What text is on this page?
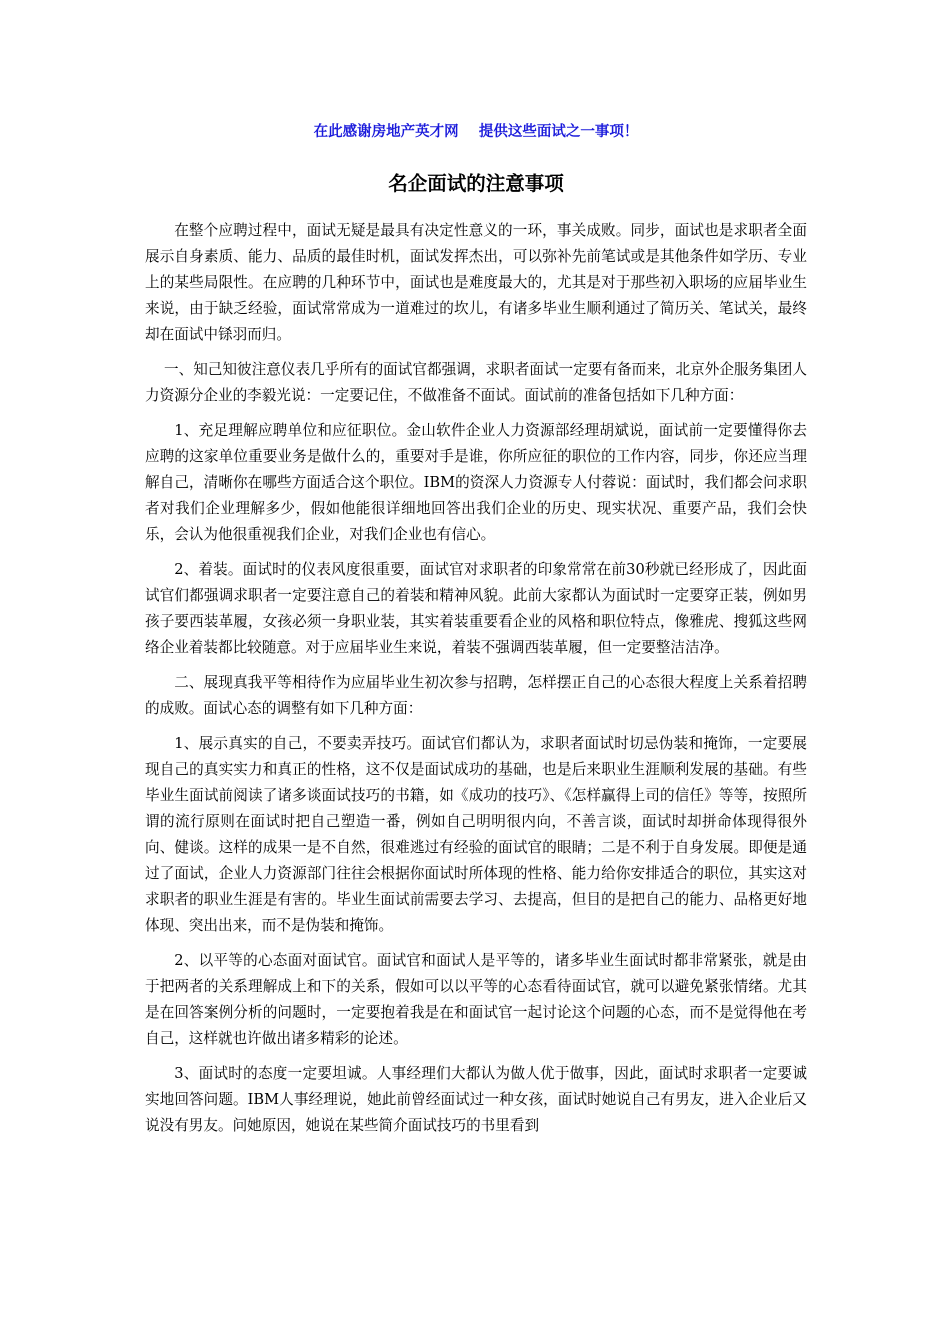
在此感谢房地产英才网    提供这些面试之一事项！

名企面试的注意事项

在整个应聘过程中，面试无疑是最具有决定性意义的一环，事关成败。同步，面试也是求职者全面展示自身素质、能力、品质的最佳时机，面试发挥杰出，可以弥补先前笔试或是其他条件如学历、专业上的某些局限性。在应聘的几种环节中，面试也是难度最大的，尤其是对于那些初入职场的应届毕业生来说，由于缺乏经验，面试常常成为一道难过的坎儿，有诸多毕业生顺利通过了简历关、笔试关，最终却在面试中铩羽而归。

一、知己知彼注意仪表几乎所有的面试官都强调，求职者面试一定要有备而来，北京外企服务集团人力资源分企业的李毅光说：一定要记住，不做准备不面试。面试前的准备包括如下几种方面：

1、充足理解应聘单位和应征职位。金山软件企业人力资源部经理胡斌说，面试前一定要懂得你去应聘的这家单位重要业务是做什么的，重要对手是谁，你所应征的职位的工作内容，同步，你还应当理解自己，清晰你在哪些方面适合这个职位。IBM的资深人力资源专人付蓉说：面试时，我们都会问求职者对我们企业理解多少，假如他能很详细地回答出我们企业的历史、现实状况、重要产品，我们会快乐，会认为他很重视我们企业，对我们企业也有信心。

2、着装。面试时的仪表风度很重要，面试官对求职者的印象常常在前30秒就已经形成了，因此面试官们都强调求职者一定要注意自己的着装和精神风貌。此前大家都认为面试时一定要穿正装，例如男孩子要西装革履，女孩必须一身职业装，其实着装重要看企业的风格和职位特点，像雅虎、搜狐这些网络企业着装都比较随意。对于应届毕业生来说，着装不强调西装革履，但一定要整洁洁净。

二、展现真我平等相待作为应届毕业生初次参与招聘，怎样摆正自己的心态很大程度上关系着招聘的成败。面试心态的调整有如下几种方面：

1、展示真实的自己，不要卖弄技巧。面试官们都认为，求职者面试时切忌伪装和掩饰，一定要展现自己的真实实力和真正的性格，这不仅是面试成功的基础，也是后来职业生涯顺利发展的基础。有些毕业生面试前阅读了诸多谈面试技巧的书籍，如《成功的技巧》、《怎样赢得上司的信任》等等，按照所谓的流行原则在面试时把自己塑造一番，例如自己明明很内向，不善言谈，面试时却拼命体现得很外向、健谈。这样的成果一是不自然，很难逃过有经验的面试官的眼睛；二是不利于自身发展。即便是通过了面试，企业人力资源部门往往会根据你面试时所体现的性格、能力给你安排适合的职位，其实这对求职者的职业生涯是有害的。毕业生面试前需要去学习、去提高，但目的是把自己的能力、品格更好地体现、突出出来，而不是伪装和掩饰。

2、以平等的心态面对面试官。面试官和面试人是平等的，诸多毕业生面试时都非常紧张，就是由于把两者的关系理解成上和下的关系，假如可以以平等的心态看待面试官，就可以避免紧张情绪。尤其是在回答案例分析的问题时，一定要抱着我是在和面试官一起讨论这个问题的心态，而不是觉得他在考自己，这样就也许做出诸多精彩的论述。

3、面试时的态度一定要坦诚。人事经理们大都认为做人优于做事，因此，面试时求职者一定要诚实地回答问题。IBM人事经理说，她此前曾经面试过一种女孩，面试时她说自己有男友，进入企业后又说没有男友。问她原因，她说在某些简介面试技巧的书里看到
